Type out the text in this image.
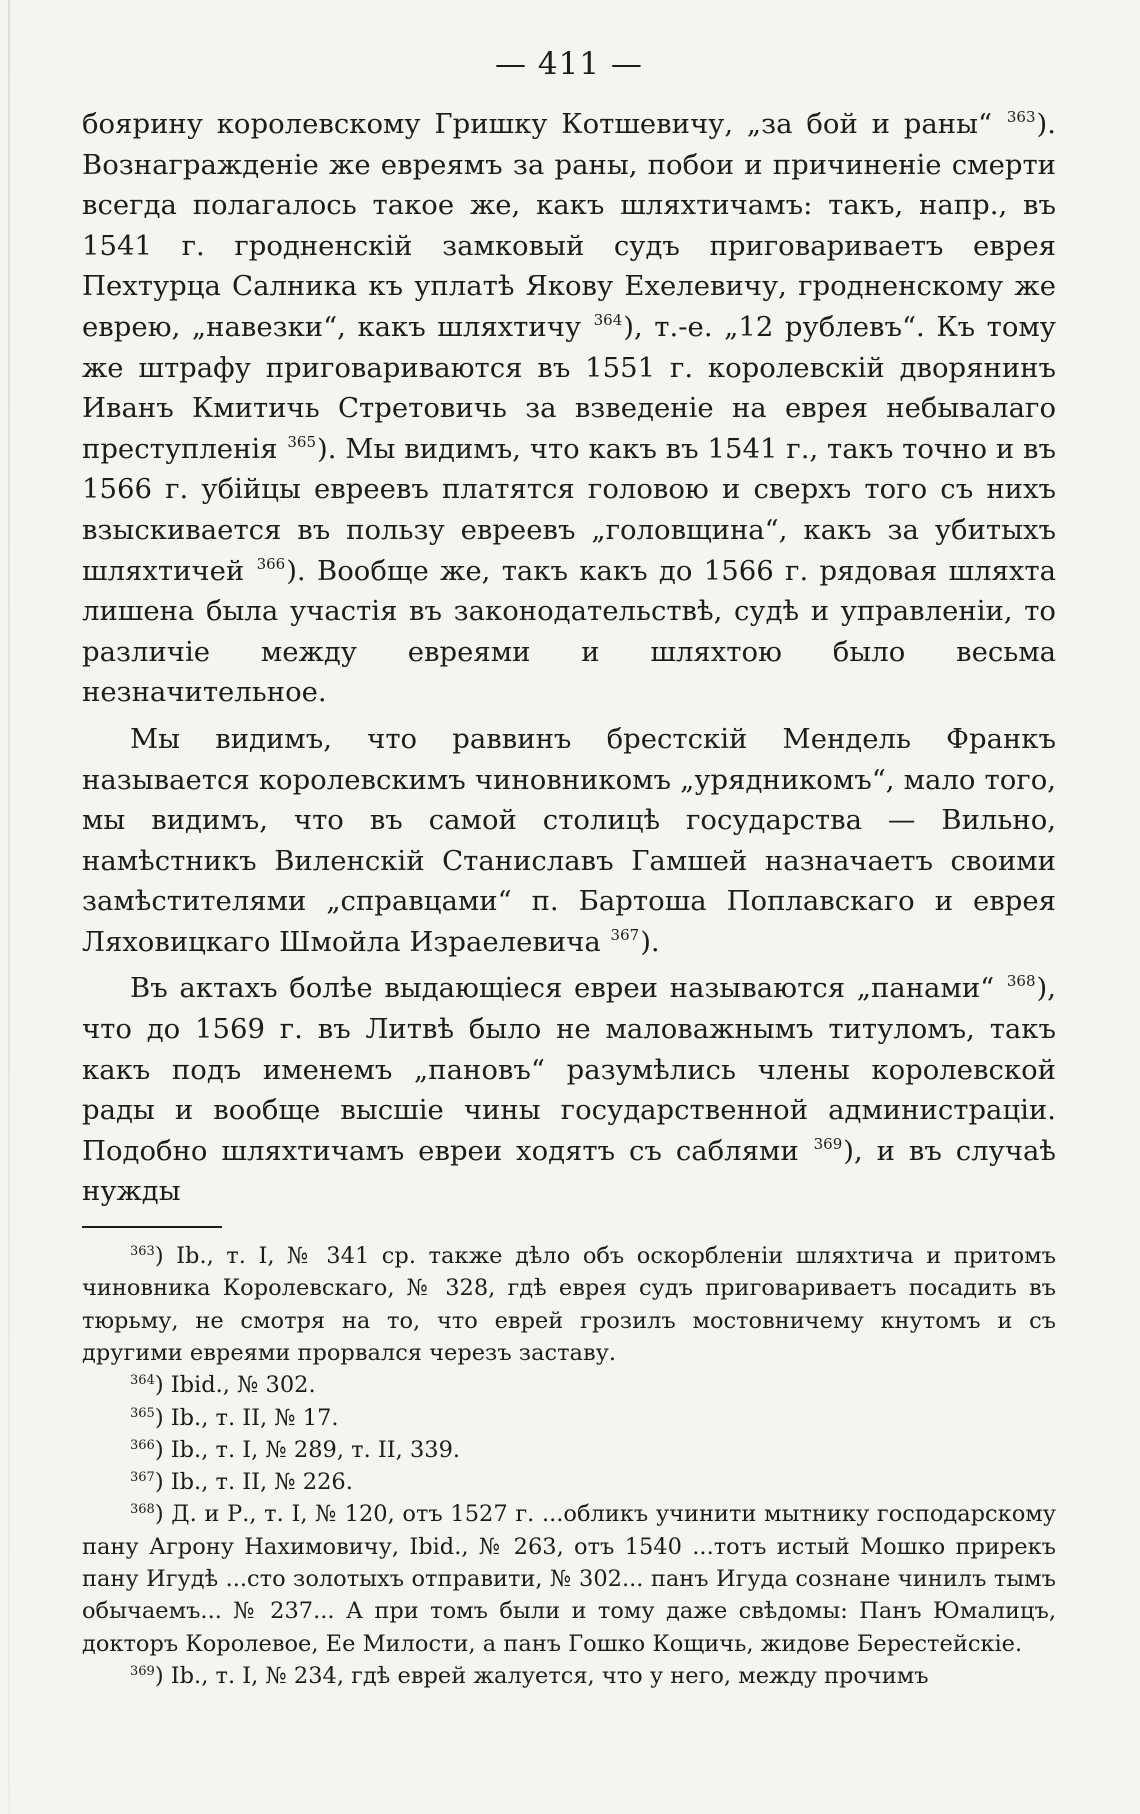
— 411 —

боярину королевскому Гришку Котшевичу, „за бой и раны“ $^{363}$). Вознагражденіе же евреямъ за раны, побои и причиненіе смерти всегда полагалось такое же, какъ шляхтичамъ: такъ, напр., въ 1541 г. гродненскій замковый судъ приговариваетъ еврея Пехтурца Салника къ уплатѣ Якову Ехелевичу, гродненскому же еврею, „навезки“, какъ шляхтичу $^{364}$), т.-е. „12 рублевъ“. Къ тому же штрафу приговариваются въ 1551 г. королевскій дворянинъ Иванъ Кмитичь Стретовичь за взведеніе на еврея небывалаго преступленія $^{365}$). Мы видимъ, что какъ въ 1541 г., такъ точно и въ 1566 г. убійцы евреевъ платятся головою и сверхъ того съ нихъ взыскивается въ пользу евреевъ „головщина“, какъ за убитыхъ шляхтичей $^{366}$). Вообще же, такъ какъ до 1566 г. рядовая шляхта лишена была участія въ законодательствѣ, судѣ и управленіи, то различіе между евреями и шляхтою было весьма незначительное.

Мы видимъ, что раввинъ брестскій Мендель Франкъ называется королевскимъ чиновникомъ „урядникомъ“, мало того, мы видимъ, что въ самой столицѣ государства — Вильно, намѣстникъ Виленскій Станиславъ Гамшей назначаетъ своими замѣстителями „справцами“ п. Бартоша Поплавскаго и еврея Ляховицкаго Шмойла Израелевича $^{367}$).

Въ актахъ болѣе выдающіеся евреи называются „панами“ $^{368}$), что до 1569 г. въ Литвѣ было не маловажнымъ титуломъ, такъ какъ подъ именемъ „пановъ“ разумѣлись члены королевской рады и вообще высшіе чины государственной администраціи. Подобно шляхтичамъ евреи ходятъ съ саблями $^{369}$), и въ случаѣ нужды

$^{363}$) Ib., т. I, № 341 ср. также дѣло объ оскорбленіи шляхтича и притомъ чиновника Королевскаго, № 328, гдѣ еврея судъ приговариваетъ посадить въ тюрьму, не смотря на то, что еврей грозилъ мостовничему кнутомъ и съ другими евреями прорвался черезъ заставу.

$^{364}$) Ibid., № 302.

$^{365}$) Ib., т. II, № 17.

$^{366}$) Ib., т. I, № 289, т. II, 339.

$^{367}$) Ib., т. II, № 226.

$^{368}$) Д. и Р., т. I, № 120, отъ 1527 г. ...обликъ учинити мытнику господарскому пану Агрону Нахимовичу, Ibid., № 263, отъ 1540 ...тотъ истый Мошко прирекъ пану Игудѣ ...сто золотыхъ отправити, № 302... панъ Игуда сознане чинилъ тымъ обычаемъ... № 237... А при томъ были и тому даже свѣдомы: Панъ Юмалицъ, докторъ Королевое, Ее Милости, а панъ Гошко Кощичь, жидове Берестейскіе.

$^{369}$) Ib., т. I, № 234, гдѣ еврей жалуется, что у него, между прочимъ
